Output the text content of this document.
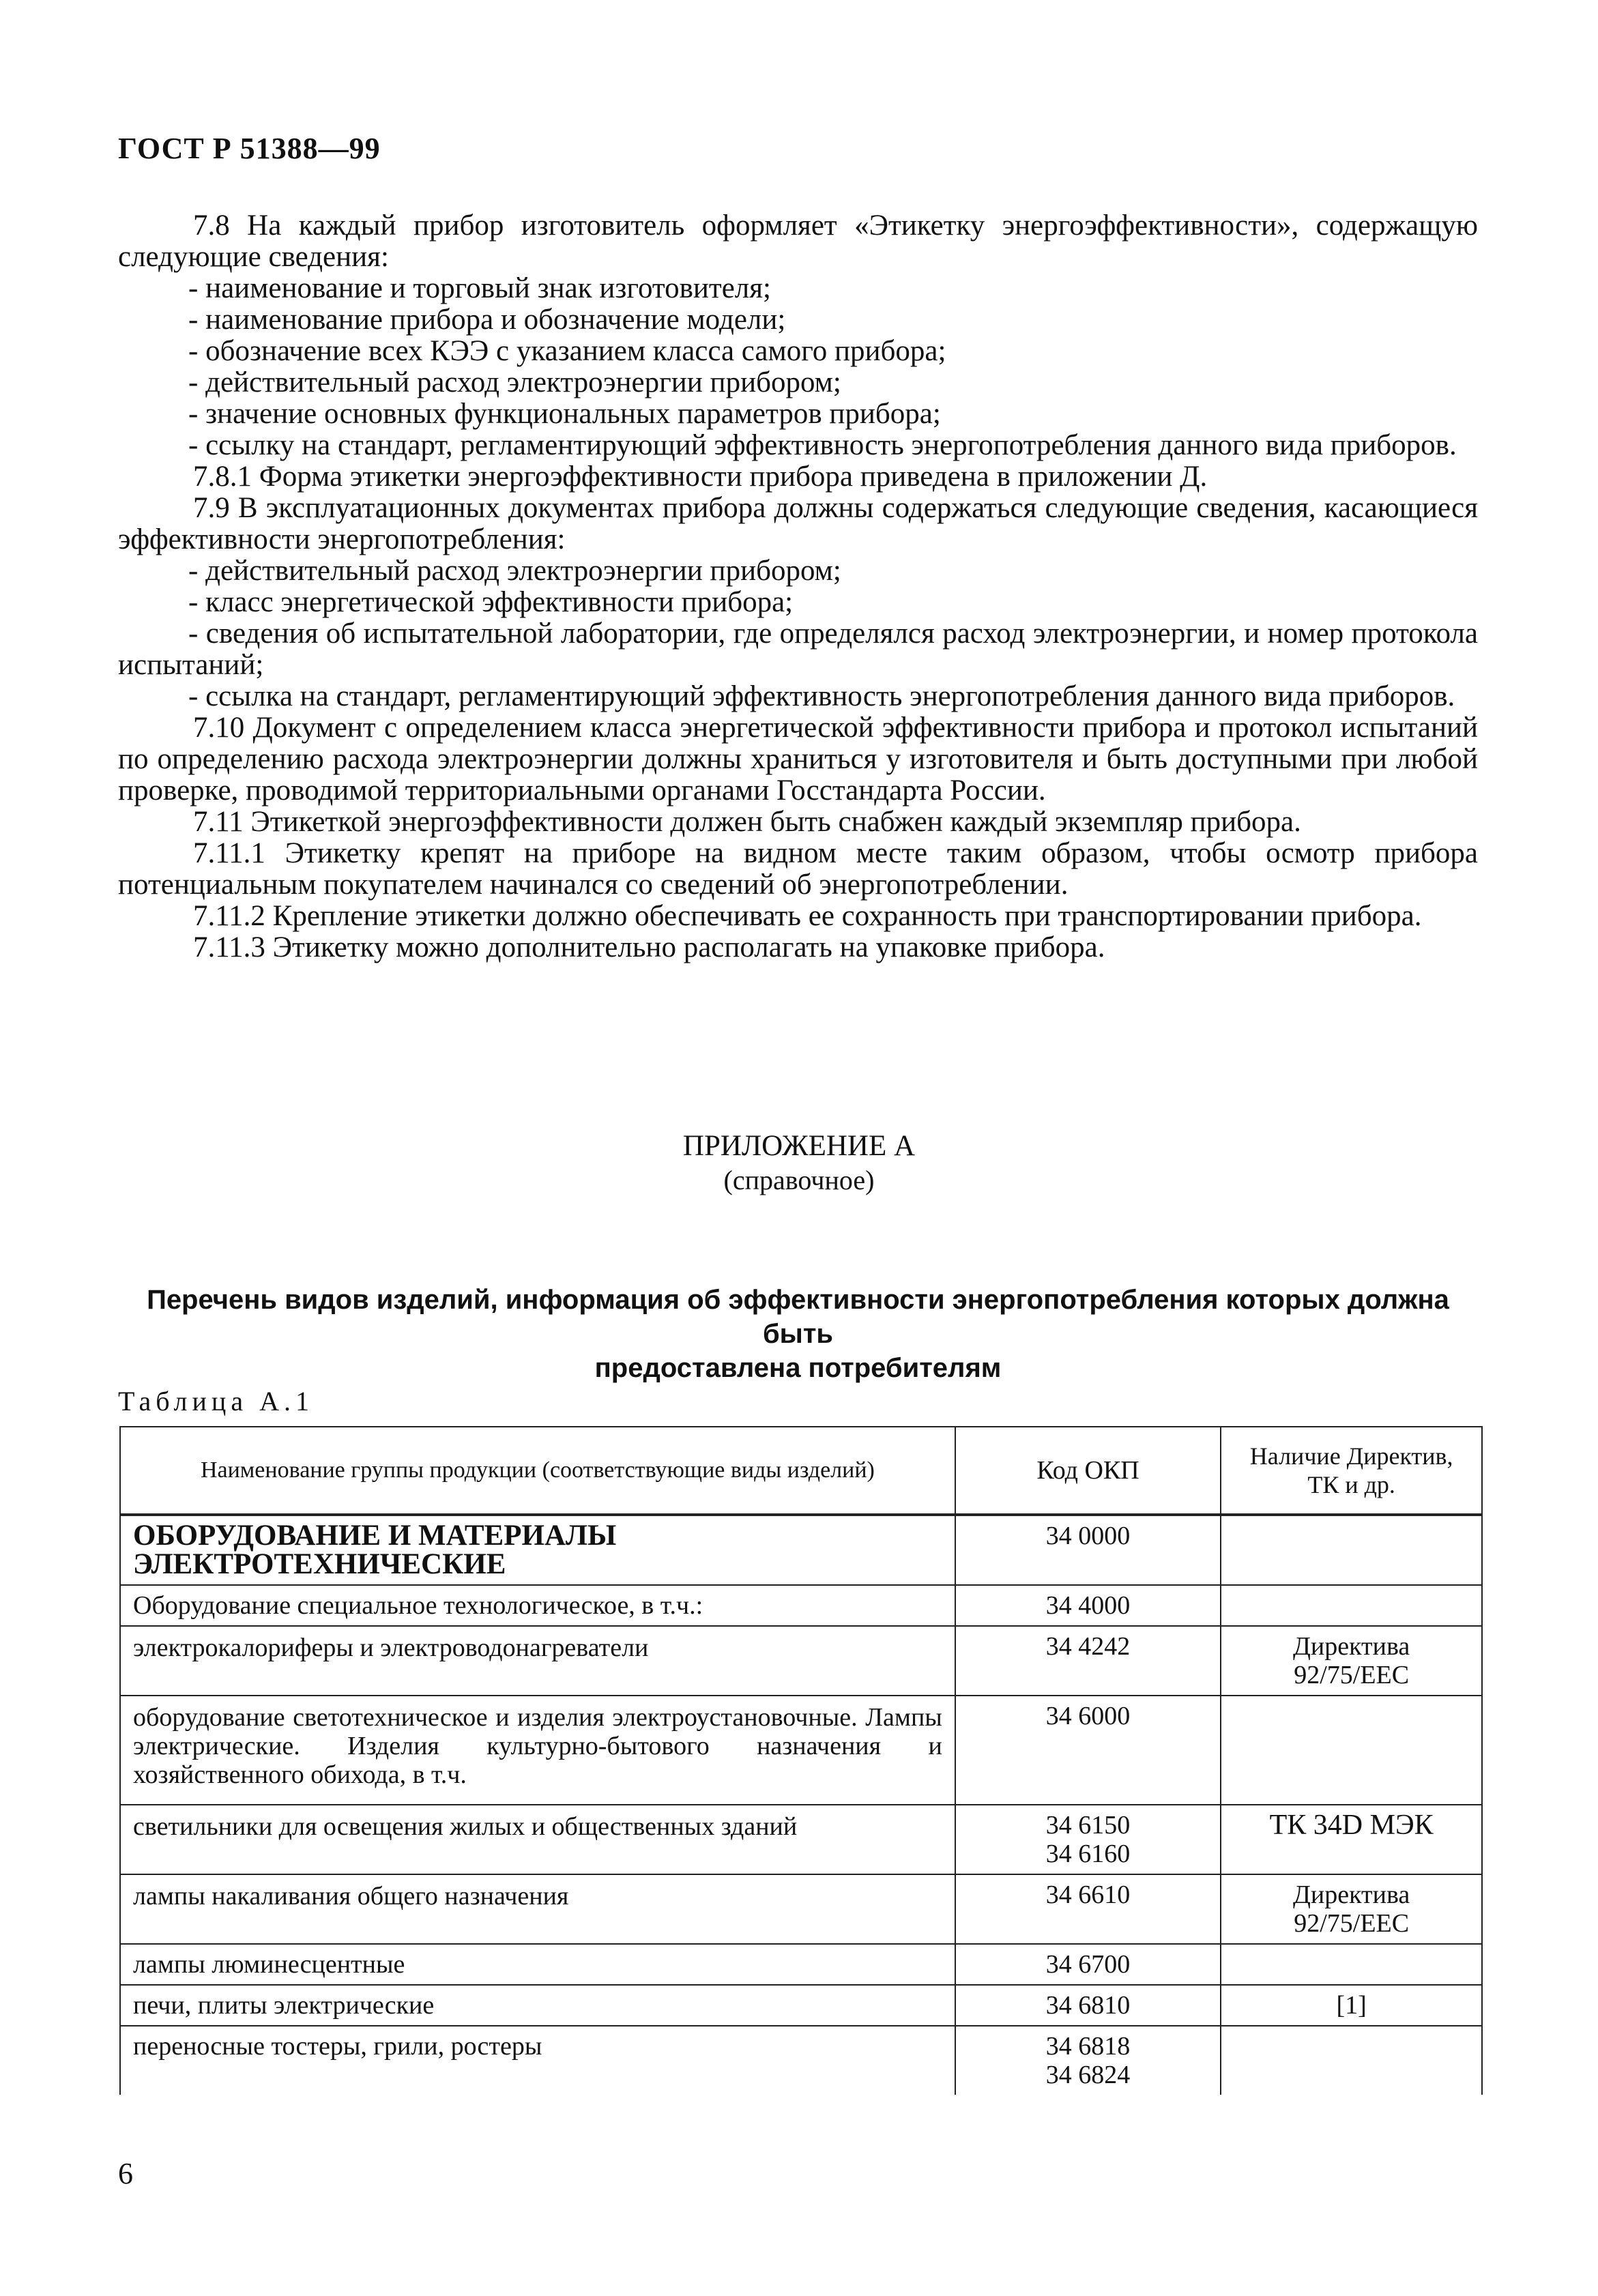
ГОСТ Р 51388—99

7.8 На каждый прибор изготовитель оформляет «Этикетку энергоэффективности», содержащую следующие сведения:

- наименование и торговый знак изготовителя;

- наименование прибора и обозначение модели;

- обозначение всех КЭЭ с указанием класса самого прибора;

- действительный расход электроэнергии прибором;

- значение основных функциональных параметров прибора;

- ссылку на стандарт, регламентирующий эффективность энергопотребления данного вида приборов.

7.8.1 Форма этикетки энергоэффективности прибора приведена в приложении Д.

7.9 В эксплуатационных документах прибора должны содержаться следующие сведения, касающиеся эффективности энергопотребления:

- действительный расход электроэнергии прибором;

- класс энергетической эффективности прибора;

- сведения об испытательной лаборатории, где определялся расход электроэнергии, и номер протокола испытаний;

- ссылка на стандарт, регламентирующий эффективность энергопотребления данного вида приборов.

7.10 Документ с определением класса энергетической эффективности прибора и протокол испытаний по определению расхода электроэнергии должны храниться у изготовителя и быть доступными при любой проверке, проводимой территориальными органами Госстандарта России.

7.11 Этикеткой энергоэффективности должен быть снабжен каждый экземпляр прибора.

7.11.1 Этикетку крепят на приборе на видном месте таким образом, чтобы осмотр прибора потенциальным покупателем начинался со сведений об энергопотреблении.

7.11.2 Крепление этикетки должно обеспечивать ее сохранность при транспортировании прибора.

7.11.3 Этикетку можно дополнительно располагать на упаковке прибора.

ПРИЛОЖЕНИЕ А
(справочное)
Перечень видов изделий, информация об эффективности энергопотребления которых должна быть
предоставлена потребителям
Таблица А.1
Наименование группы продукции (соответствующие виды изделий)	Код ОКП	Наличие Директив, ТК и др.
ОБОРУДОВАНИЕ И МАТЕРИАЛЫ ЭЛЕКТРОТЕХНИЧЕСКИЕ	34 0000	
Оборудование специальное технологическое, в т.ч.:	34 4000	
электрокалориферы и электроводонагреватели	34 4242	Директива
92/75/EEC

оборудование светотехническое и изделия электроустановочные. Лампы электрические. Изделия культурно-бытового назначения и хозяйственного обихода, в т.ч.	34 6000	
светильники для освещения жилых и общественных зданий	34 6150
34 6160	ТК 34D МЭК

лампы накаливания общего назначения	34 6610	Директива
92/75/EEC

лампы люминесцентные	34 6700	
печи, плиты электрические	34 6810	[1]
переносные тостеры, грили, ростеры	34 6818
34 6824	

6
